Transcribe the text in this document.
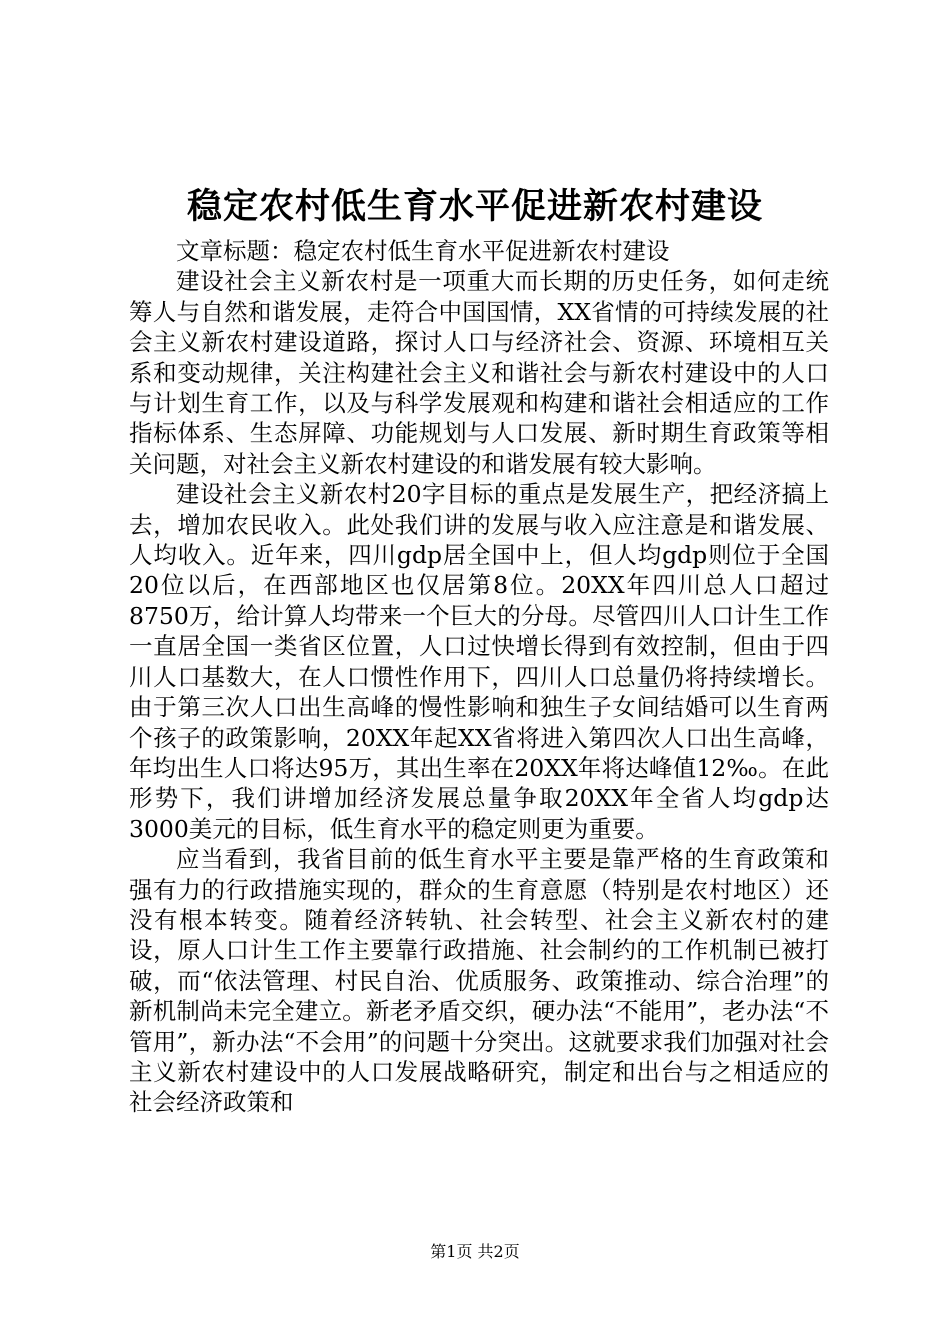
稳定农村低生育水平促进新农村建设

文章标题：稳定农村低生育水平促进新农村建设

建设社会主义新农村是一项重大而长期的历史任务，如何走统筹人与自然和谐发展，走符合中国国情，XX省情的可持续发展的社会主义新农村建设道路，探讨人口与经济社会、资源、环境相互关系和变动规律，关注构建社会主义和谐社会与新农村建设中的人口与计划生育工作，以及与科学发展观和构建和谐社会相适应的工作指标体系、生态屏障、功能规划与人口发展、新时期生育政策等相关问题，对社会主义新农村建设的和谐发展有较大影响。

建设社会主义新农村20字目标的重点是发展生产，把经济搞上去，增加农民收入。此处我们讲的发展与收入应注意是和谐发展、人均收入。近年来，四川gdp居全国中上，但人均gdp则位于全国20位以后，在西部地区也仅居第8位。20XX年四川总人口超过8750万，给计算人均带来一个巨大的分母。尽管四川人口计生工作一直居全国一类省区位置，人口过快增长得到有效控制，但由于四川人口基数大，在人口惯性作用下，四川人口总量仍将持续增长。由于第三次人口出生高峰的慢性影响和独生子女间结婚可以生育两个孩子的政策影响，20XX年起XX省将进入第四次人口出生高峰，年均出生人口将达95万，其出生率在20XX年将达峰值12‰。在此形势下，我们讲增加经济发展总量争取20XX年全省人均gdp达3000美元的目标，低生育水平的稳定则更为重要。

应当看到，我省目前的低生育水平主要是靠严格的生育政策和强有力的行政措施实现的，群众的生育意愿（特别是农村地区）还没有根本转变。随着经济转轨、社会转型、社会主义新农村的建设，原人口计生工作主要靠行政措施、社会制约的工作机制已被打破，而“依法管理、村民自治、优质服务、政策推动、综合治理”的新机制尚未完全建立。新老矛盾交织，硬办法“不能用”，老办法“不管用”，新办法“不会用”的问题十分突出。这就要求我们加强对社会主义新农村建设中的人口发展战略研究，制定和出台与之相适应的社会经济政策和

第1页 共2页
